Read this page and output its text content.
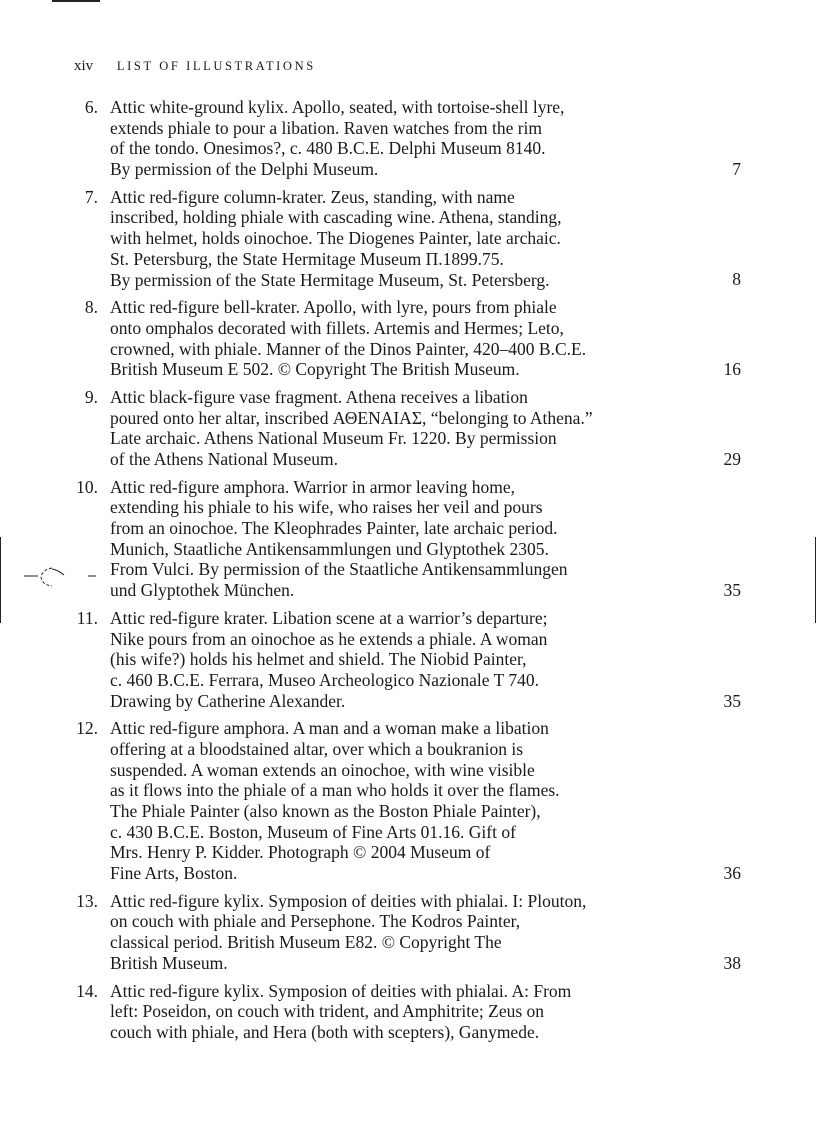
xiv LIST OF ILLUSTRATIONS
6. Attic white-ground kylix. Apollo, seated, with tortoise-shell lyre,
extends phiale to pour a libation. Raven watches from the rim
of the tondo. Onesimos?, c. 480 B.C.E. Delphi Museum 8140.
By permission of the Delphi Museum.	7
7. Attic red-figure column-krater. Zeus, standing, with name
inscribed, holding phiale with cascading wine. Athena, standing,
with helmet, holds oinochoe. The Diogenes Painter, late archaic.
St. Petersburg, the State Hermitage Museum Π.1899.75.
By permission of the State Hermitage Museum, St. Petersberg.	8
8. Attic red-figure bell-krater. Apollo, with lyre, pours from phiale
onto omphalos decorated with fillets. Artemis and Hermes; Leto,
crowned, with phiale. Manner of the Dinos Painter, 420–400 B.C.E.
British Museum E 502. © Copyright The British Museum.	16
9. Attic black-figure vase fragment. Athena receives a libation
poured onto her altar, inscribed ΑΘΕΝΑΙΑΣ, “belonging to Athena.”
Late archaic. Athens National Museum Fr. 1220. By permission
of the Athens National Museum.	29
10. Attic red-figure amphora. Warrior in armor leaving home,
extending his phiale to his wife, who raises her veil and pours
from an oinochoe. The Kleophrades Painter, late archaic period.
Munich, Staatliche Antikensammlungen und Glyptothek 2305.
From Vulci. By permission of the Staatliche Antikensammlungen
und Glyptothek München.	35
11. Attic red-figure krater. Libation scene at a warrior’s departure;
Nike pours from an oinochoe as he extends a phiale. A woman
(his wife?) holds his helmet and shield. The Niobid Painter,
c. 460 B.C.E. Ferrara, Museo Archeologico Nazionale T 740.
Drawing by Catherine Alexander.	35
12. Attic red-figure amphora. A man and a woman make a libation
offering at a bloodstained altar, over which a boukranion is
suspended. A woman extends an oinochoe, with wine visible
as it flows into the phiale of a man who holds it over the flames.
The Phiale Painter (also known as the Boston Phiale Painter),
c. 430 B.C.E. Boston, Museum of Fine Arts 01.16. Gift of
Mrs. Henry P. Kidder. Photograph © 2004 Museum of
Fine Arts, Boston.	36
13. Attic red-figure kylix. Symposion of deities with phialai. I: Plouton,
on couch with phiale and Persephone. The Kodros Painter,
classical period. British Museum E82. © Copyright The
British Museum.	38
14. Attic red-figure kylix. Symposion of deities with phialai. A: From
left: Poseidon, on couch with trident, and Amphitrite; Zeus on
couch with phiale, and Hera (both with scepters), Ganymede.
